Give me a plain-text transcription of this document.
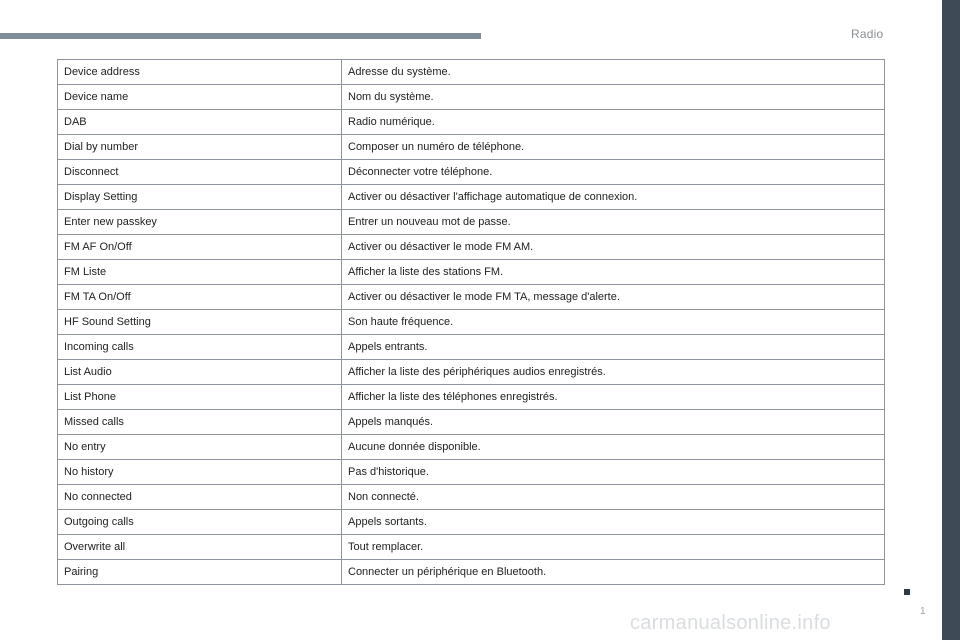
Radio
Device address	Adresse du système.
Device name	Nom du système.
DAB	Radio numérique.
Dial by number	Composer un numéro de téléphone.
Disconnect	Déconnecter votre téléphone.
Display Setting	Activer ou désactiver l'affichage automatique de connexion.
Enter new passkey	Entrer un nouveau mot de passe.
FM AF On/Off	Activer ou désactiver le mode FM AM.
FM Liste	Afficher la liste des stations FM.
FM TA On/Off	Activer ou désactiver le mode FM TA, message d'alerte.
HF Sound Setting	Son haute fréquence.
Incoming calls	Appels entrants.
List Audio	Afficher la liste des périphériques audios enregistrés.
List Phone	Afficher la liste des téléphones enregistrés.
Missed calls	Appels manqués.
No entry	Aucune donnée disponible.
No history	Pas d'historique.
No connected	Non connecté.
Outgoing calls	Appels sortants.
Overwrite all	Tout remplacer.
Pairing	Connecter un périphérique en Bluetooth.
1
carmanualsonline.info
